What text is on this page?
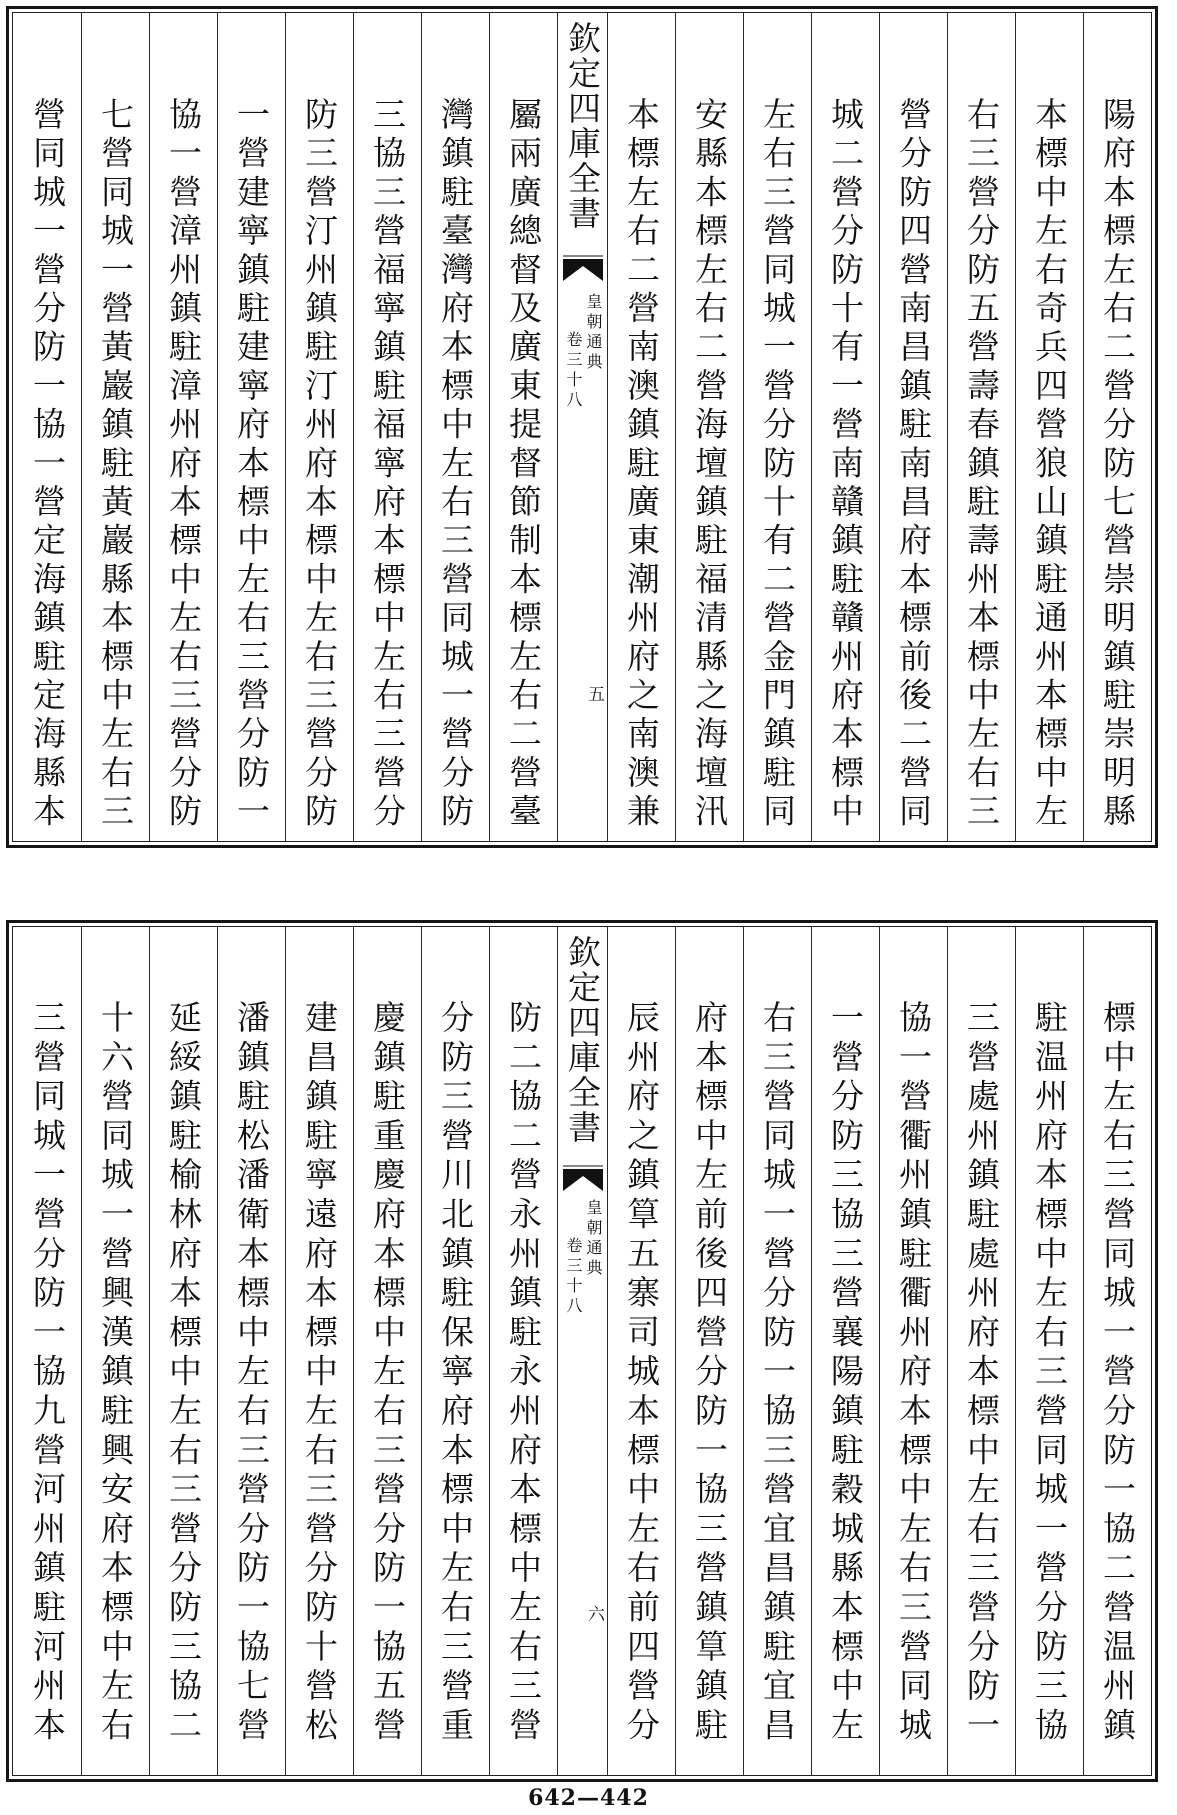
陽府本標左右二營分防七營崇明鎮駐崇明縣
本標中左右奇兵四營狼山鎮駐通州本標中左
右三營分防五營壽春鎮駐壽州本標中左右三
營分防四營南昌鎮駐南昌府本標前後二營同
城二營分防十有一營南贛鎮駐贛州府本標中
左右三營同城一營分防十有二營金門鎮駐同
安縣本標左右二營海壇鎮駐福清縣之海壇汛
本標左右二營南澳鎮駐廣東潮州府之南澳兼
欽定四庫全書
皇朝通典
卷三十八
五
屬兩廣總督及廣東提督節制本標左右二營臺
灣鎮駐臺灣府本標中左右三營同城一營分防
三協三營福寧鎮駐福寧府本標中左右三營分
防三營汀州鎮駐汀州府本標中左右三營分防
一營建寧鎮駐建寧府本標中左右三營分防一
協一營漳州鎮駐漳州府本標中左右三營分防
七營同城一營黃巖鎮駐黃巖縣本標中左右三
營同城一營分防一協一營定海鎮駐定海縣本
標中左右三營同城一營分防一協二營温州鎮
駐温州府本標中左右三營同城一營分防三協
三營處州鎮駐處州府本標中左右三營分防一
協一營衢州鎮駐衢州府本標中左右三營同城
一營分防三協三營襄陽鎮駐穀城縣本標中左
右三營同城一營分防一協三營宜昌鎮駐宜昌
府本標中左前後四營分防一協三營鎮筸鎮駐
辰州府之鎮筸五寨司城本標中左右前四營分
欽定四庫全書
皇朝通典
卷三十八
六
防二協二營永州鎮駐永州府本標中左右三營
分防三營川北鎮駐保寧府本標中左右三營重
慶鎮駐重慶府本標中左右三營分防一協五營
建昌鎮駐寧遠府本標中左右三營分防十營松
潘鎮駐松潘衛本標中左右三營分防一協七營
延綏鎮駐榆林府本標中左右三營分防三協二
十六營同城一營興漢鎮駐興安府本標中左右
三營同城一營分防一協九營河州鎮駐河州本
642—442
